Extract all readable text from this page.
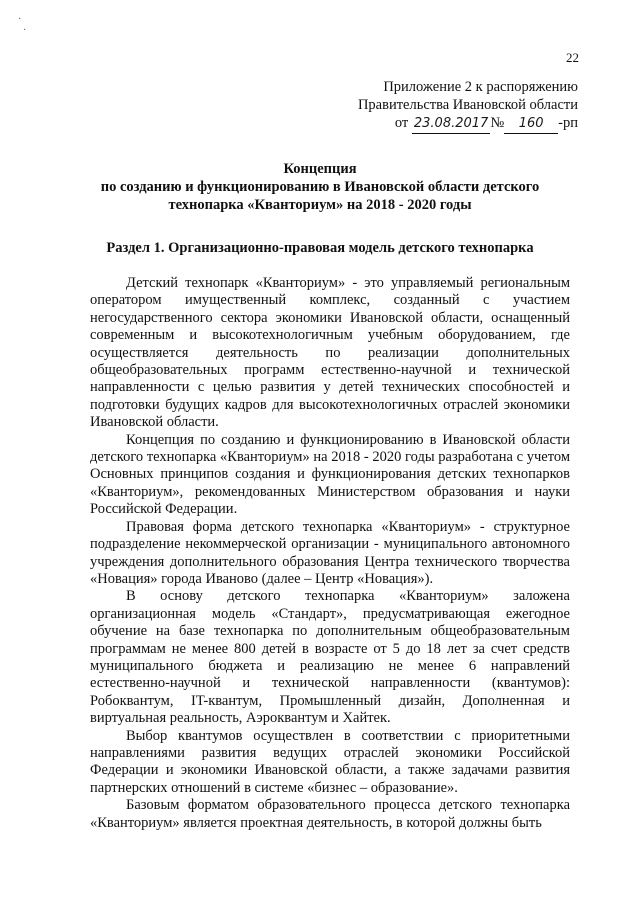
·
·
22
Приложение 2 к распоряжению
Правительства Ивановской области
от
23.08.2017 №	160	-рп
Концепция
по созданию и функционированию в Ивановской области детского
технопарка «Кванториум» на 2018 - 2020 годы
Раздел 1. Организационно-правовая модель детского технопарка

Детский технопарк «Кванториум» - это управляемый региональным оператором имущественный комплекс, созданный с участием негосударственного сектора экономики Ивановской области, оснащенный современным и высокотехнологичным учебным оборудованием, где осуществляется деятельность по реализации дополнительных общеобразовательных программ естественно-научной и технической направленности с целью развития у детей технических способностей и подготовки будущих кадров для высокотехнологичных отраслей экономики Ивановской области.

Концепция по созданию и функционированию в Ивановской области детского технопарка «Кванториум» на 2018 - 2020 годы разработана с учетом Основных принципов создания и функционирования детских технопарков «Кванториум», рекомендованных Министерством образования и науки Российской Федерации.

Правовая форма детского технопарка «Кванториум» - структурное подразделение некоммерческой организации - муниципального автономного учреждения дополнительного образования Центра технического творчества «Новация» города Иваново (далее – Центр «Новация»).

В основу детского технопарка «Кванториум» заложена организационная модель «Стандарт», предусматривающая ежегодное обучение на базе технопарка по дополнительным общеобразовательным программам не менее 800 детей в возрасте от 5 до 18 лет за счет средств муниципального бюджета и реализацию не менее 6 направлений естественно-научной и технической направленности (квантумов): Робоквантум, IT-квантум, Промышленный дизайн, Дополненная и виртуальная реальность, Аэроквантум и Хайтек.

Выбор квантумов осуществлен в соответствии с приоритетными направлениями развития ведущих отраслей экономики Российской Федерации и экономики Ивановской области, а также задачами развития партнерских отношений в системе «бизнес – образование».

Базовым форматом образовательного процесса детского технопарка «Кванториум» является проектная деятельность, в которой должны быть
